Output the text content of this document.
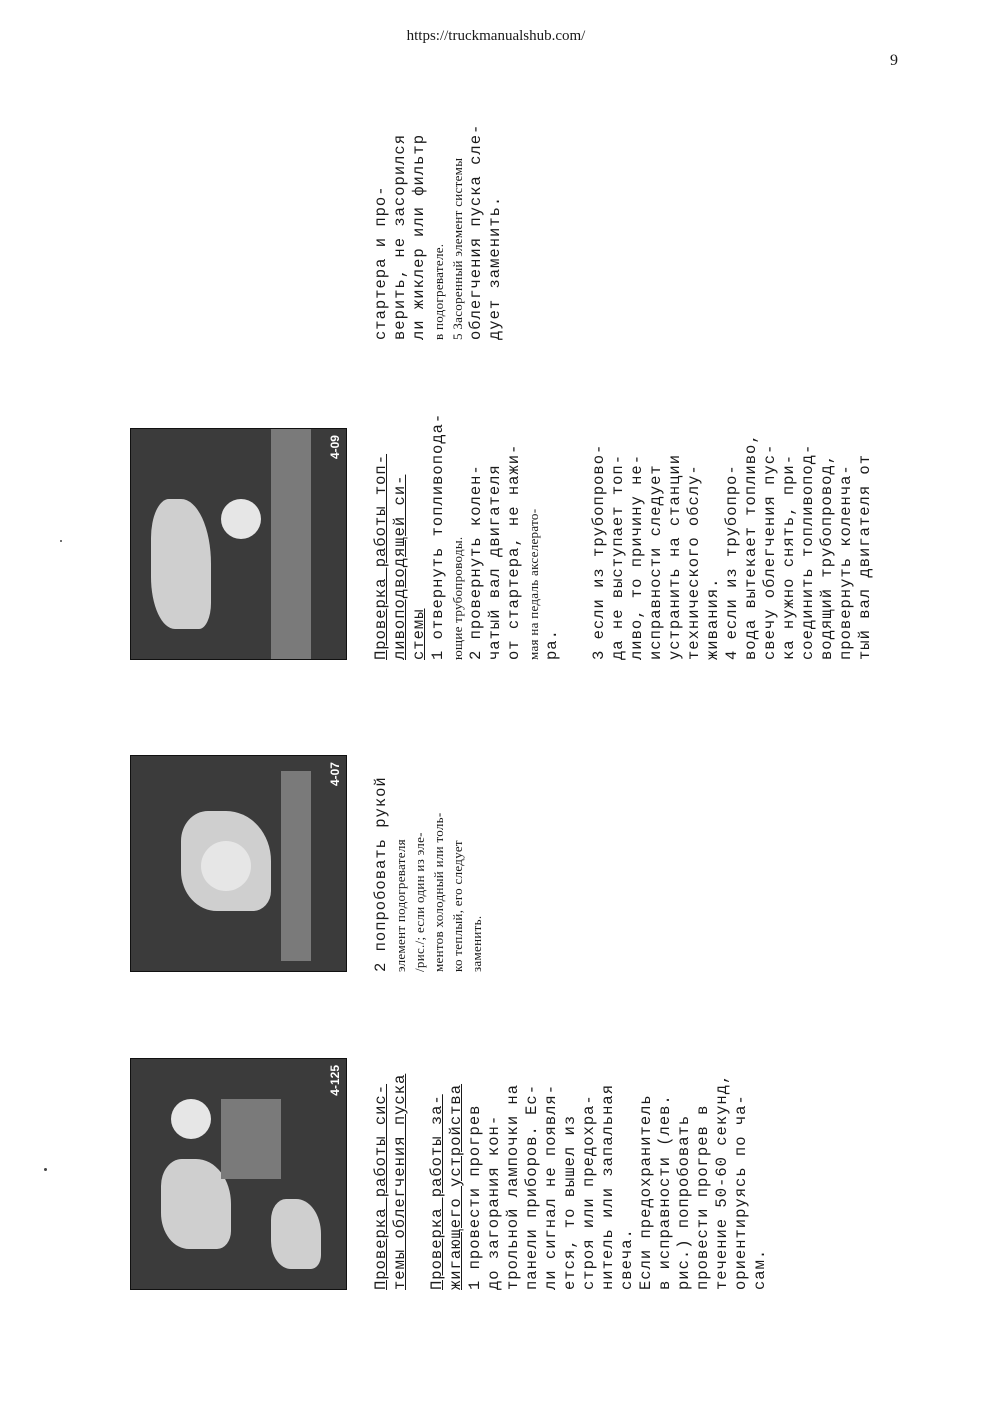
https://truckmanualshub.com/
9
4-125

Проверка работы сис- темы облегчения пуска Проверка работы за- жигающего устройства 1 провести прогрев до загорания кон- трольной лампочки на панели приборов. Ес- ли сигнал не появля- ется, то вышел из строя или предохра- нитель или запальная свеча. Если предохранитель в исправности (лев. рис.) попробовать провести прогрев в течение 50-60 секунд, ориентируясь по ча- сам.

4-07

2 попробовать рукой элемент подогревателя /рис./; если один из эле- ментов холодный или толь- ко теплый, его следует заменить.

4-09

Проверка работы топ- ливоподводящей си- стемы 1 отвернуть топливопода- ющие трубопроводы. 2 провернуть колен- чатый вал двигателя от стартера, не нажи- мая на педаль акселерато- ра. 3 если из трубопрово- да не выступает топ- ливо, то причину не- исправности следует устранить на станции технического обслу- живания. 4 если из трубопро- вода вытекает топливо, свечу облегчения пус- ка нужно снять, при- соединить топливопод- водящий трубопровод, провернуть коленча- тый вал двигателя от

стартера и про- верить, не засорился ли жиклер или фильтр в подогревателе. 5 Засоренный элемент системы облегчения пуска сле- дует заменить.
